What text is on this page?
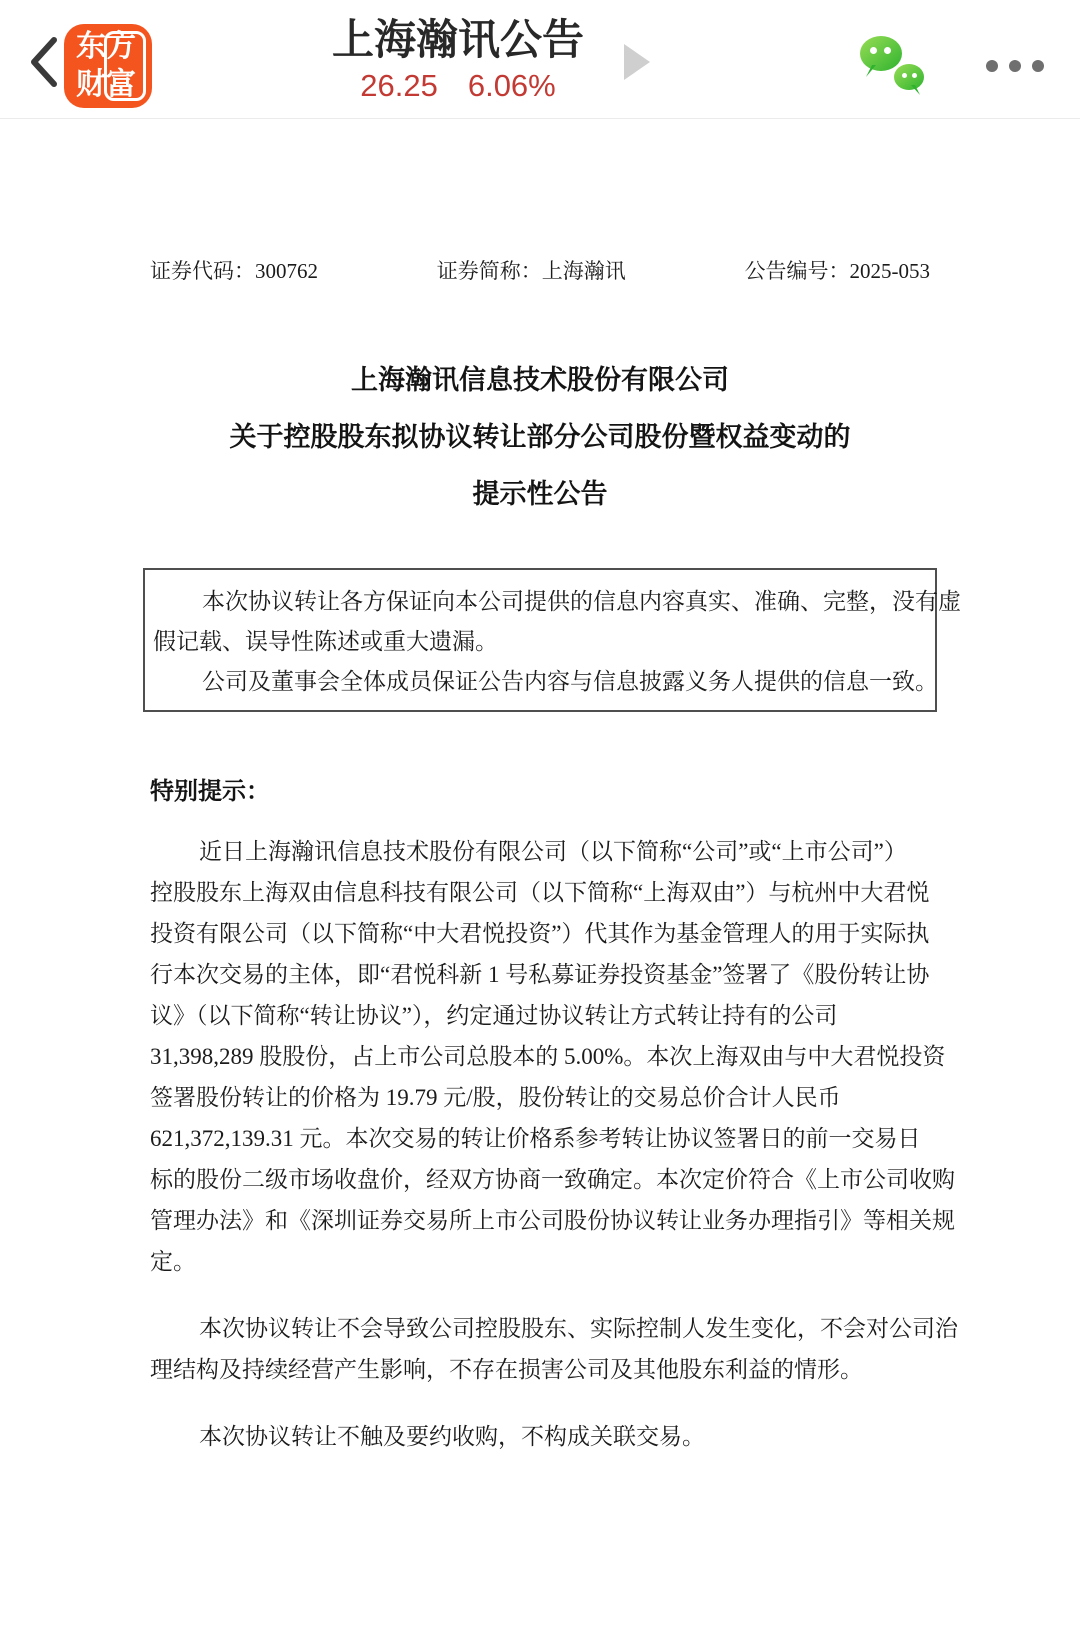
东方
财富
上海瀚讯公告
26.25 6.06%
证券代码：300762	证券简称：上海瀚讯	公告编号：2025-053
上海瀚讯信息技术股份有限公司
关于控股股东拟协议转让部分公司股份暨权益变动的
提示性公告
本次协议转让各方保证向本公司提供的信息内容真实、准确、完整，没有虚
假记载、误导性陈述或重大遗漏。
公司及董事会全体成员保证公告内容与信息披露义务人提供的信息一致。
特别提示：
近日上海瀚讯信息技术股份有限公司（以下简称“公司”或“上市公司”）
控股股东上海双由信息科技有限公司（以下简称“上海双由”）与杭州中大君悦
投资有限公司（以下简称“中大君悦投资”）代其作为基金管理人的用于实际执
行本次交易的主体，即“君悦科新 1 号私募证券投资基金”签署了《股份转让协
议》（以下简称“转让协议”），约定通过协议转让方式转让持有的公司
31,398,289 股股份，占上市公司总股本的 5.00%。本次上海双由与中大君悦投资
签署股份转让的价格为 19.79 元/股，股份转让的交易总价合计人民币
621,372,139.31 元。本次交易的转让价格系参考转让协议签署日的前一交易日
标的股份二级市场收盘价，经双方协商一致确定。本次定价符合《上市公司收购
管理办法》和《深圳证券交易所上市公司股份协议转让业务办理指引》等相关规
定。
本次协议转让不会导致公司控股股东、实际控制人发生变化，不会对公司治
理结构及持续经营产生影响，不存在损害公司及其他股东利益的情形。
本次协议转让不触及要约收购，不构成关联交易。
